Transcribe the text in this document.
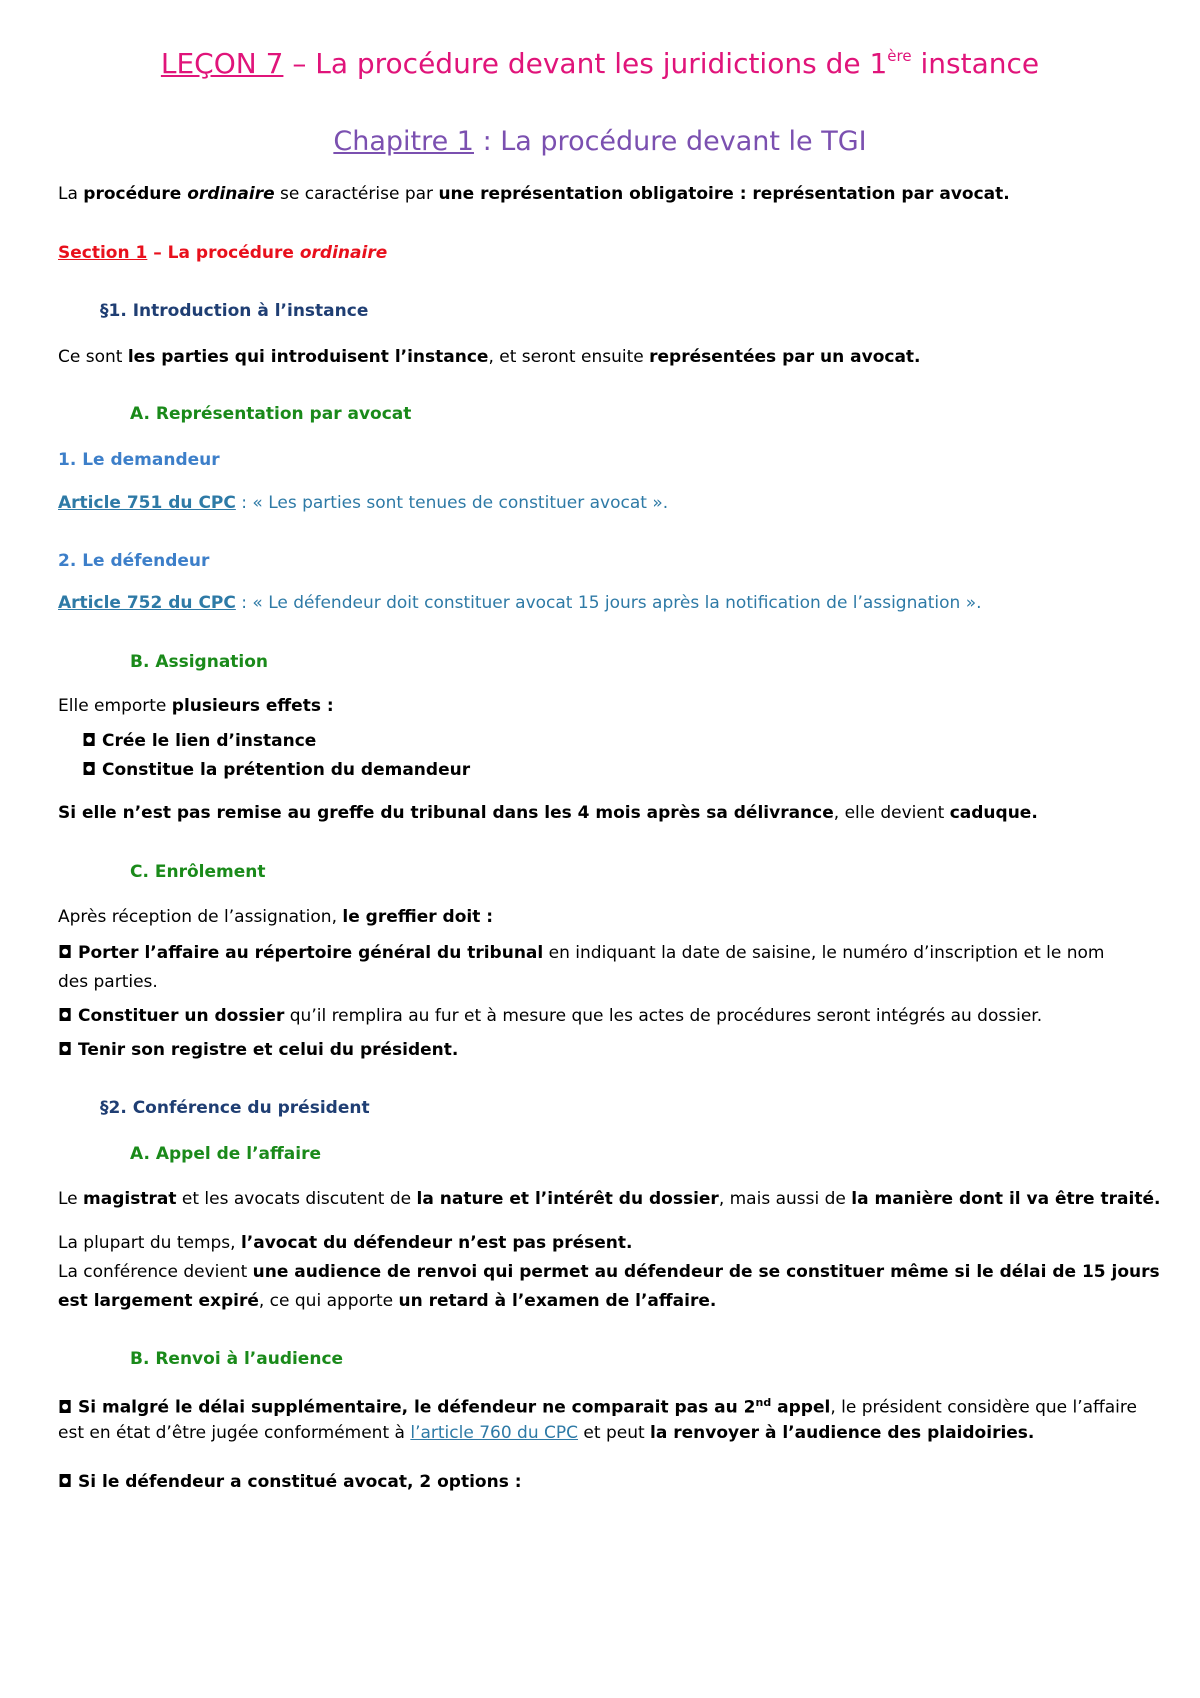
LEÇON 7 – La procédure devant les juridictions de 1ère instance
Chapitre 1 : La procédure devant le TGI
La procédure ordinaire se caractérise par une représentation obligatoire : représentation par avocat.
Section 1 – La procédure ordinaire
§1. Introduction à l’instance
Ce sont les parties qui introduisent l’instance, et seront ensuite représentées par un avocat.
A. Représentation par avocat
1. Le demandeur
Article 751 du CPC : « Les parties sont tenues de constituer avocat ».
2. Le défendeur
Article 752 du CPC : « Le défendeur doit constituer avocat 15 jours après la notification de l’assignation ».
B. Assignation
Elle emporte plusieurs effets :
◘ Crée le lien d’instance
◘ Constitue la prétention du demandeur
Si elle n’est pas remise au greffe du tribunal dans les 4 mois après sa délivrance, elle devient caduque.
C. Enrôlement
Après réception de l’assignation, le greffier doit :
◘ Porter l’affaire au répertoire général du tribunal en indiquant la date de saisine, le numéro d’inscription et le nom
des parties.
◘ Constituer un dossier qu’il remplira au fur et à mesure que les actes de procédures seront intégrés au dossier.
◘ Tenir son registre et celui du président.
§2. Conférence du président
A. Appel de l’affaire
Le magistrat et les avocats discutent de la nature et l’intérêt du dossier, mais aussi de la manière dont il va être traité.
La plupart du temps, l’avocat du défendeur n’est pas présent.
La conférence devient une audience de renvoi qui permet au défendeur de se constituer même si le délai de 15 jours
est largement expiré, ce qui apporte un retard à l’examen de l’affaire.
B. Renvoi à l’audience
◘ Si malgré le délai supplémentaire, le défendeur ne comparait pas au 2nd appel, le président considère que l’affaire
est en état d’être jugée conformément à l’article 760 du CPC et peut la renvoyer à l’audience des plaidoiries.
◘ Si le défendeur a constitué avocat, 2 options :
